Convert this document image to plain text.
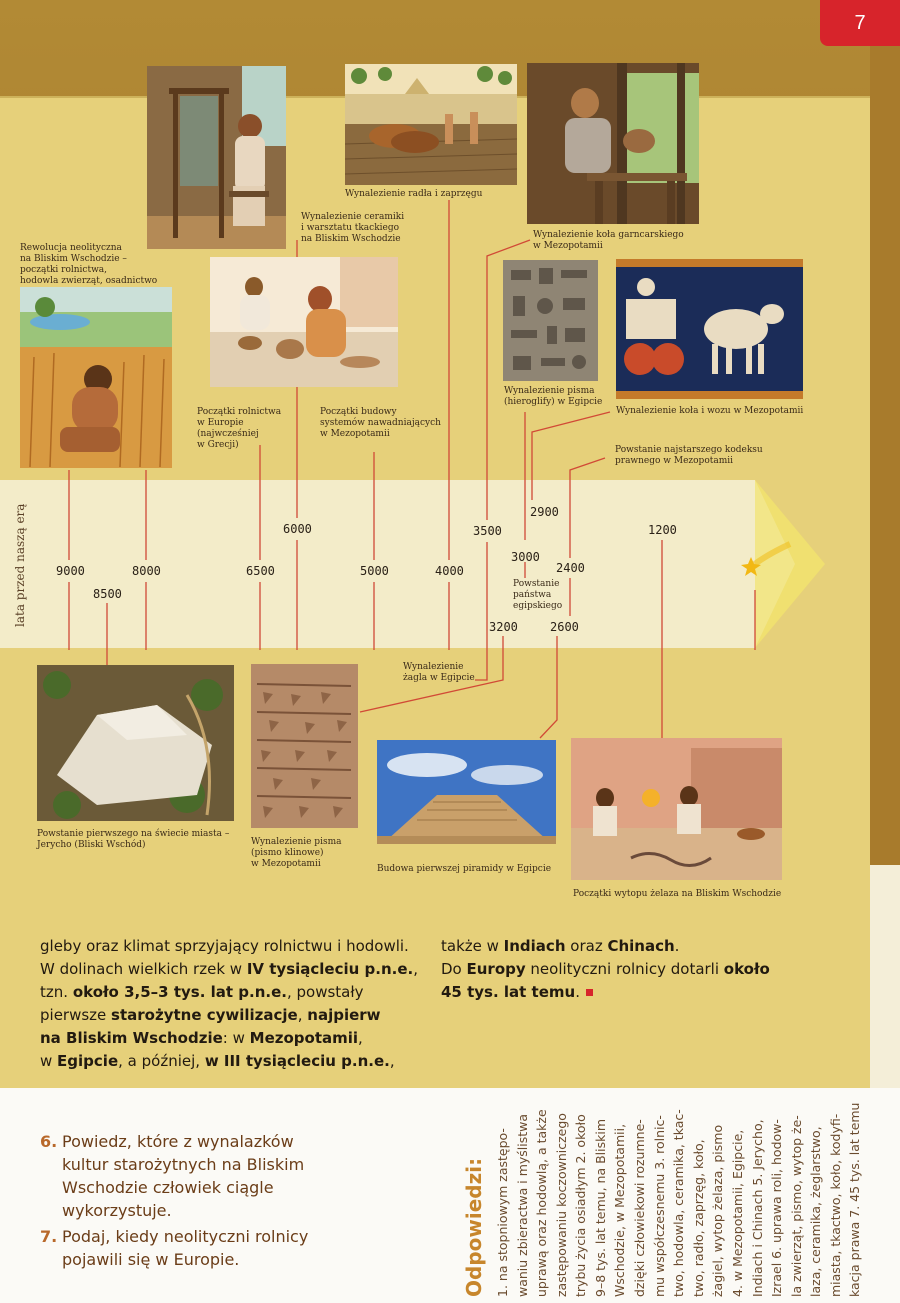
7
lata przed naszą erą	9000	8000	6500	5000	4000
8500
6000	3500
2900
3000
2400
1200
3200	2600
Powstanie
państwa
egipskiego
Rewolucja neolityczna
na Bliskim Wschodzie –
początki rolnictwa,
hodowla zwierząt, osadnictwo
Wynalezienie ceramiki
i warsztatu tkackiego
na Bliskim Wschodzie
Wynalezienie radła i zaprzęgu
Wynalezienie koła garncarskiego
w Mezopotamii
Początki rolnictwa
w Europie
(najwcześniej
w Grecji)
Początki budowy
systemów nawadniających
w Mezopotamii
Wynalezienie pisma
(hieroglify) w Egipcie
Wynalezienie koła i wozu w Mezopotamii
Powstanie najstarszego kodeksu
prawnego w Mezopotamii
Wynalezienie
żagla w Egipcie
Powstanie pierwszego na świecie miasta –
Jerycho (Bliski Wschód)	Wynalezienie pisma
(pismo klinowe)
w Mezopotamii	Budowa pierwszej piramidy w Egipcie
Początki wytopu żelaza na Bliskim Wschodzie
gleby oraz klimat sprzyjający rolnictwu i hodowli.
W dolinach wielkich rzek w IV tysiącleciu p.n.e.,
tzn. około 3,5–3 tys. lat p.n.e., powstały
pierwsze starożytne cywilizacje, najpierw
na Bliskim Wschodzie: w Mezopotamii,
w Egipcie, a później, w III tysiącleciu p.n.e.,
także w Indiach oraz Chinach.
Do Europy neolityczni rolnicy dotarli około
45 tys. lat temu.
6. Powiedz, które z wynalazków
kultur starożytnych na Bliskim
Wschodzie człowiek ciągle
wykorzystuje.
7. Podaj, kiedy neolityczni rolnicy
pojawili się w Europie.	Odpowiedzi: 1. na stopniowym zastępo- waniu zbieractwa i myślistwa uprawą oraz hodowlą, a także zastępowaniu koczowniczego trybu życia osiadłym 2. około 9–8 tys. lat temu, na Bliskim Wschodzie, w Mezopotamii, dzięki człowiekowi rozumne- mu współczesnemu 3. rolnic- two, hodowla, ceramika, tkac- two, radło, zaprzęg, koło, żagiel, wytop żelaza, pismo 4. w Mezopotamii, Egipcie, Indiach i Chinach 5. Jerycho, Izrael 6. uprawa roli, hodow- la zwierząt, pismo, wytop że- laza, ceramika, żeglarstwo, miasta, tkactwo, koło, kodyfi- kacja prawa 7. 45 tys. lat temu
